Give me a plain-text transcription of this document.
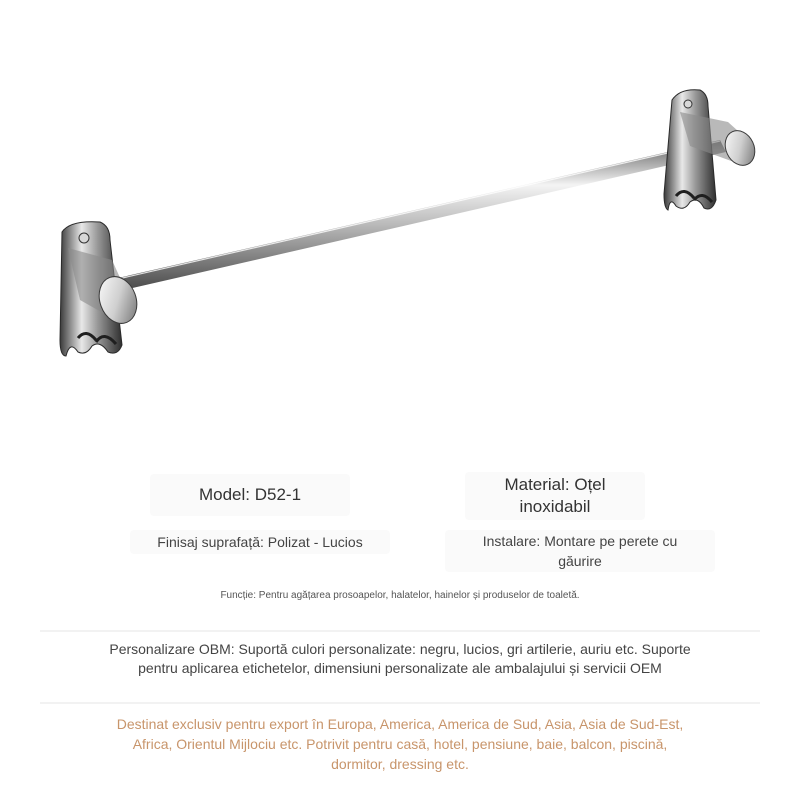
Model: D52-1
Material: Oțel
inoxidabil
Finisaj suprafață: Polizat - Lucios	Instalare: Montare pe perete cu
găurire
Funcție: Pentru agățarea prosoapelor, halatelor, hainelor și produselor de toaletă.
Personalizare OBM: Suportă culori personalizate: negru, lucios, gri artilerie, auriu etc. Suporte
pentru aplicarea etichetelor, dimensiuni personalizate ale ambalajului și servicii OEM
Destinat exclusiv pentru export în Europa, America, America de Sud, Asia, Asia de Sud-Est,
Africa, Orientul Mijlociu etc. Potrivit pentru casă, hotel, pensiune, baie, balcon, piscină,
dormitor, dressing etc.
